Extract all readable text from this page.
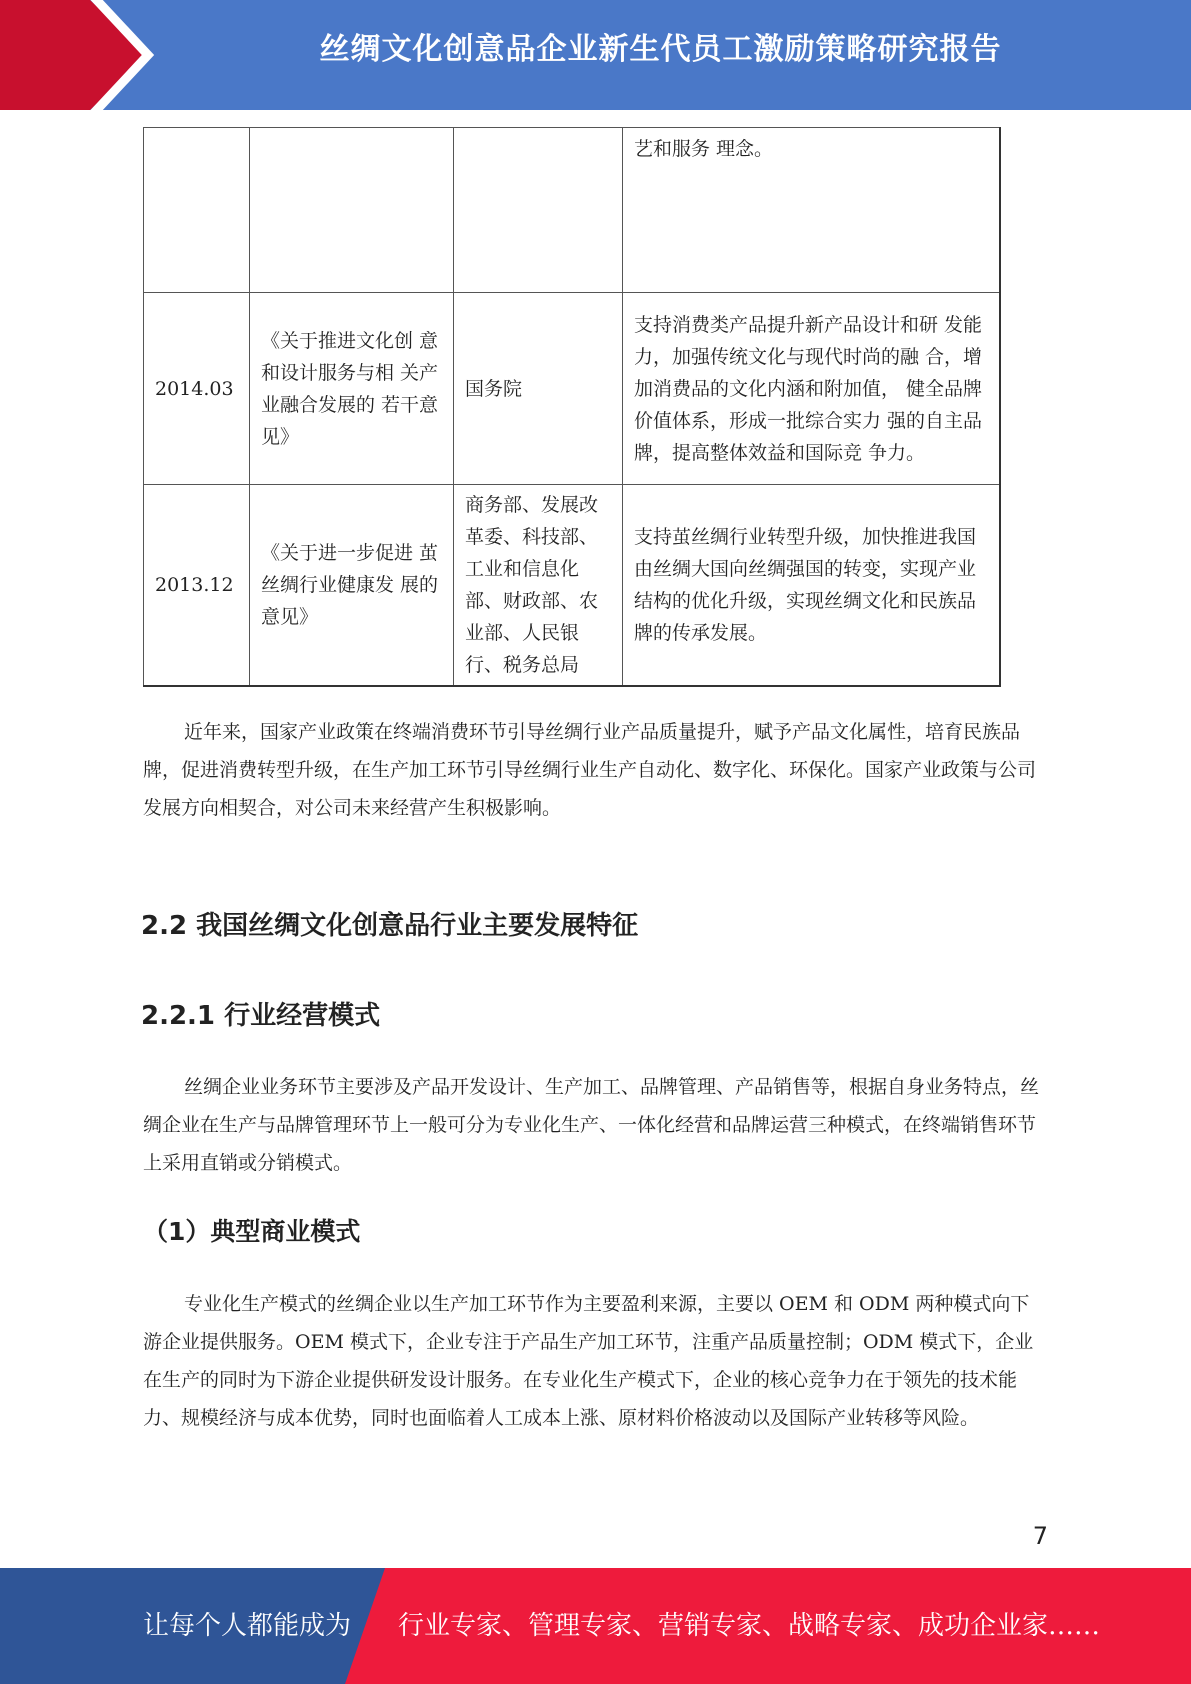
丝绸文化创意品企业新生代员工激励策略研究报告
			艺和服务 理念。
2014.03	《关于推进文化创 意和设计服务与相 关产业融合发展的 若干意见》	国务院	支持消费类产品提升新产品设计和研 发能力，加强传统文化与现代时尚的融 合，增加消费品的文化内涵和附加值， 健全品牌价值体系，形成一批综合实力 强的自主品牌，提高整体效益和国际竞 争力。
2013.12	《关于进一步促进 茧丝绸行业健康发 展的意见》	商务部、发展改革委、科技部、工业和信息化部、财政部、农业部、人民银行、税务总局	支持茧丝绸行业转型升级，加快推进我国由丝绸大国向丝绸强国的转变，实现产业结构的优化升级，实现丝绸文化和民族品牌的传承发展。

近年来，国家产业政策在终端消费环节引导丝绸行业产品质量提升，赋予产品文化属性，培育民族品牌，促进消费转型升级，在生产加工环节引导丝绸行业生产自动化、数字化、环保化。国家产业政策与公司发展方向相契合，对公司未来经营产生积极影响。

2.2 我国丝绸文化创意品行业主要发展特征
2.2.1 行业经营模式

丝绸企业业务环节主要涉及产品开发设计、生产加工、品牌管理、产品销售等，根据自身业务特点，丝绸企业在生产与品牌管理环节上一般可分为专业化生产、一体化经营和品牌运营三种模式，在终端销售环节上采用直销或分销模式。

（1）典型商业模式

专业化生产模式的丝绸企业以生产加工环节作为主要盈利来源，主要以 OEM 和 ODM 两种模式向下游企业提供服务。OEM 模式下，企业专注于产品生产加工环节，注重产品质量控制；ODM 模式下，企业在生产的同时为下游企业提供研发设计服务。在专业化生产模式下，企业的核心竞争力在于领先的技术能力、规模经济与成本优势，同时也面临着人工成本上涨、原材料价格波动以及国际产业转移等风险。

7
让每个人都能成为 行业专家、管理专家、营销专家、战略专家、成功企业家……
